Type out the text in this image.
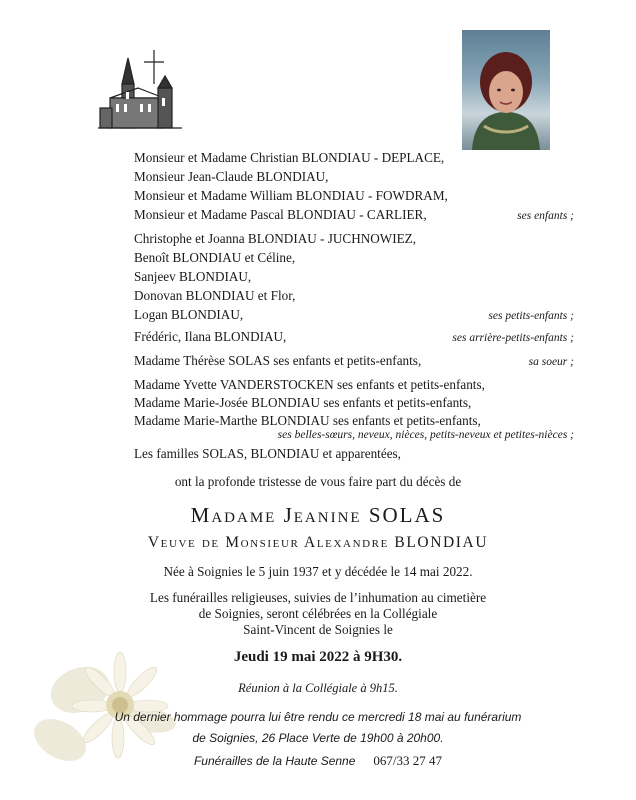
Monsieur et Madame Christian BLONDIAU - DEPLACE,
Monsieur Jean-Claude BLONDIAU,
Monsieur et Madame William BLONDIAU - FOWDRAM,
Monsieur et Madame Pascal BLONDIAU - CARLIER,	ses enfants ;
Christophe et Joanna BLONDIAU - JUCHNOWIEZ,
Benoît BLONDIAU et Céline,
Sanjeev BLONDIAU,
Donovan BLONDIAU et Flor,
Logan BLONDIAU,	ses petits-enfants ;
Frédéric, Ilana BLONDIAU,	ses arrière-petits-enfants ;
Madame Thérèse SOLAS ses enfants et petits-enfants,	sa soeur ;
Madame Yvette VANDERSTOCKEN ses enfants et petits-enfants,
Madame Marie-Josée BLONDIAU ses enfants et petits-enfants,
Madame Marie-Marthe BLONDIAU ses enfants et petits-enfants,
ses belles-sœurs, neveux, nièces, petits-neveux et petites-nièces ;
Les familles SOLAS, BLONDIAU et apparentées,
ont la profonde tristesse de vous faire part du décès de
Madame Jeanine SOLAS
Veuve de Monsieur Alexandre BLONDIAU
Née à Soignies le 5 juin 1937 et y décédée le 14 mai 2022.
Les funérailles religieuses, suivies de l’inhumation au cimetière
de Soignies, seront célébrées en la Collégiale
Saint-Vincent de Soignies le
Jeudi 19 mai 2022 à 9H30.
Réunion à la Collégiale à 9h15.
Un dernier hommage pourra lui être rendu ce mercredi 18 mai au funérarium
de Soignies, 26 Place Verte de 19h00 à 20h00.
Funérailles de la Haute Senne 067/33 27 47
